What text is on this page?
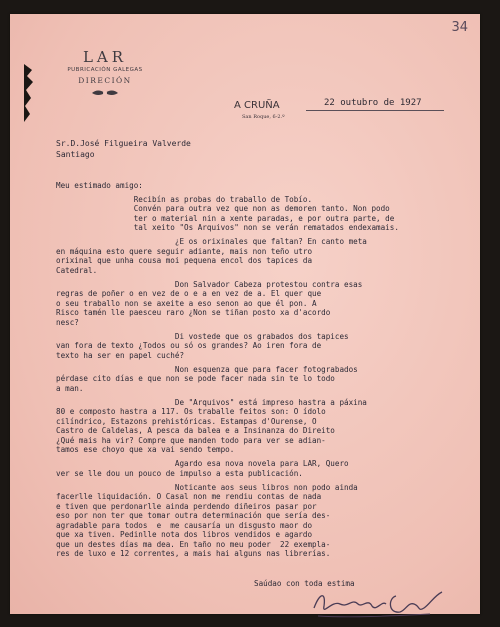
34
LAR
PUBRICACIÓN GALEGAS
DIRECIÓN
A CRUÑA
San Roque, 6-2.º
22 outubro de 1927
Sr.D.José Filgueira Valverde
Santiago
Meu estimado amigo:
Recibín as probas do traballo de Tobío.
Convén para outra vez que non as demoren tanto. Non podo
ter o material nin a xente paradas, e por outra parte, de
tal xeito "Os Arquivos" non se verán rematados endexamais.
¿E os orixinales que faltan? En canto meta
en máquina esto quere seguir adiante, mais non teño utro
orixinal que unha cousa moi pequena encol dos tapices da
Catedral.
Don Salvador Cabeza protestou contra esas
regras de poñer o en vez de o e a en vez de a. El quer que
o seu traballo non se axeite a eso senon ao que él pon. A
Risco tamén lle paesceu raro ¿Non se tiñan posto xa d'acordo
nesc?
Di vostede que os grabados dos tapices
van fora de texto ¿Todos ou só os grandes? Ao iren fora de
texto ha ser en papel cuché?
Non esquenza que para facer fotograbados
pérdase cito días e que non se pode facer nada sin te lo todo
a man.
De "Arquivos" está impreso hastra a páxina
80 e composto hastra a 117. Os traballe feitos son: O ídolo
cilíndrico, Estazons prehistóricas. Estampas d'Ourense, O
Castro de Caldelas, A pesca da balea e a Insinanza do Direito
¿Qué mais ha vir? Compre que manden todo para ver se adian-
tamos ese choyo que xa vai sendo tempo.
Agardo esa nova novela para LAR, Quero
ver se lle dou un pouco de impulso a esta publicación.
Noticante aos seus libros non podo ainda
facerlle liquidación. O Casal non me rendiu contas de nada
e tiven que perdonarlle ainda perdendo diñeiros pasar por
eso por non ter que tomar outra determinación que sería des-
agradable para todos  e  me causaría un disgusto maor do
que xa tiven. Pedinlle nota dos libros vendidos e agardo
que un destes días ma dea. En taño no meu poder  22 exempla-
res de luxo e 12 correntes, a mais hai alguns nas librerías.
Saúdao con toda estima
